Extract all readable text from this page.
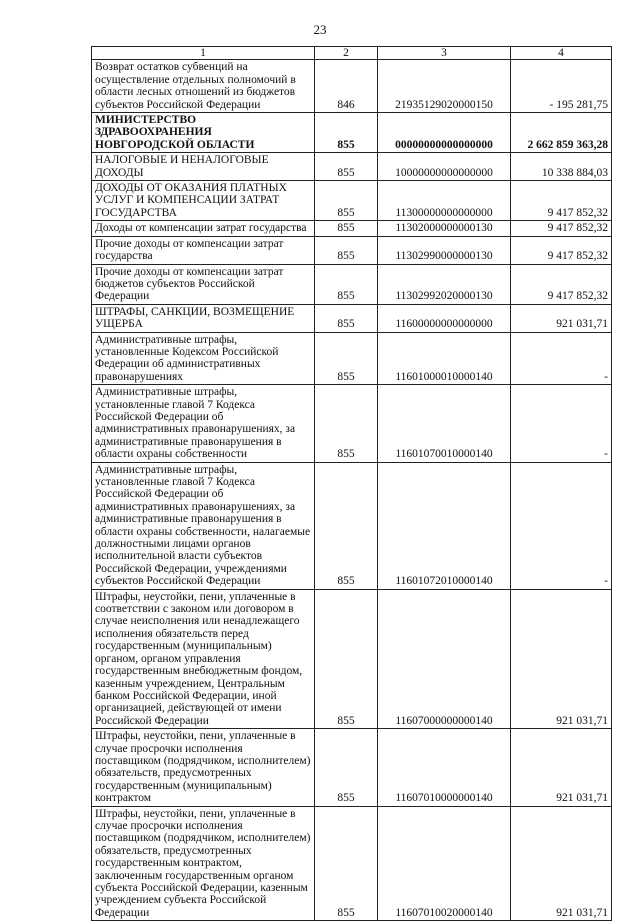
23
1	2	3	4
Возврат остатков субвенций на осуществление отдельных полномочий в области лесных отношений из бюджетов субъектов Российской Федерации	846	21935129020000150	- 195 281,75
МИНИСТЕРСТВО ЗДРАВООХРАНЕНИЯ НОВГОРОДСКОЙ ОБЛАСТИ	855	00000000000000000	2 662 859 363,28
НАЛОГОВЫЕ И НЕНАЛОГОВЫЕ ДОХОДЫ	855	10000000000000000	10 338 884,03
ДОХОДЫ ОТ ОКАЗАНИЯ ПЛАТНЫХ УСЛУГ И КОМПЕНСАЦИИ ЗАТРАТ ГОСУДАРСТВА	855	11300000000000000	9 417 852,32
Доходы от компенсации затрат государства	855	11302000000000130	9 417 852,32
Прочие доходы от компенсации затрат государства	855	11302990000000130	9 417 852,32
Прочие доходы от компенсации затрат бюджетов субъектов Российской Федерации	855	11302992020000130	9 417 852,32
ШТРАФЫ, САНКЦИИ, ВОЗМЕЩЕНИЕ УЩЕРБА	855	11600000000000000	921 031,71
Административные штрафы, установленные Кодексом Российской Федерации об административных правонарушениях	855	11601000010000140	-
Административные штрафы, установленные главой 7 Кодекса Российской Федерации об административных правонарушениях, за административные правонарушения в области охраны собственности	855	11601070010000140	-
Административные штрафы, установленные главой 7 Кодекса Российской Федерации об административных правонарушениях, за административные правонарушения в области охраны собственности, налагаемые должностными лицами органов исполнительной власти субъектов Российской Федерации, учреждениями субъектов Российской Федерации	855	11601072010000140	-
Штрафы, неустойки, пени, уплаченные в соответствии с законом или договором в случае неисполнения или ненадлежащего исполнения обязательств перед государственным (муниципальным) органом, органом управления государственным внебюджетным фондом, казенным учреждением, Центральным банком Российской Федерации, иной организацией, действующей от имени Российской Федерации	855	11607000000000140	921 031,71
Штрафы, неустойки, пени, уплаченные в случае просрочки исполнения поставщиком (подрядчиком, исполнителем) обязательств, предусмотренных государственным (муниципальным) контрактом	855	11607010000000140	921 031,71
Штрафы, неустойки, пени, уплаченные в случае просрочки исполнения поставщиком (подрядчиком, исполнителем) обязательств, предусмотренных государственным контрактом, заключенным государственным органом субъекта Российской Федерации, казенным учреждением субъекта Российской Федерации	855	11607010020000140	921 031,71
